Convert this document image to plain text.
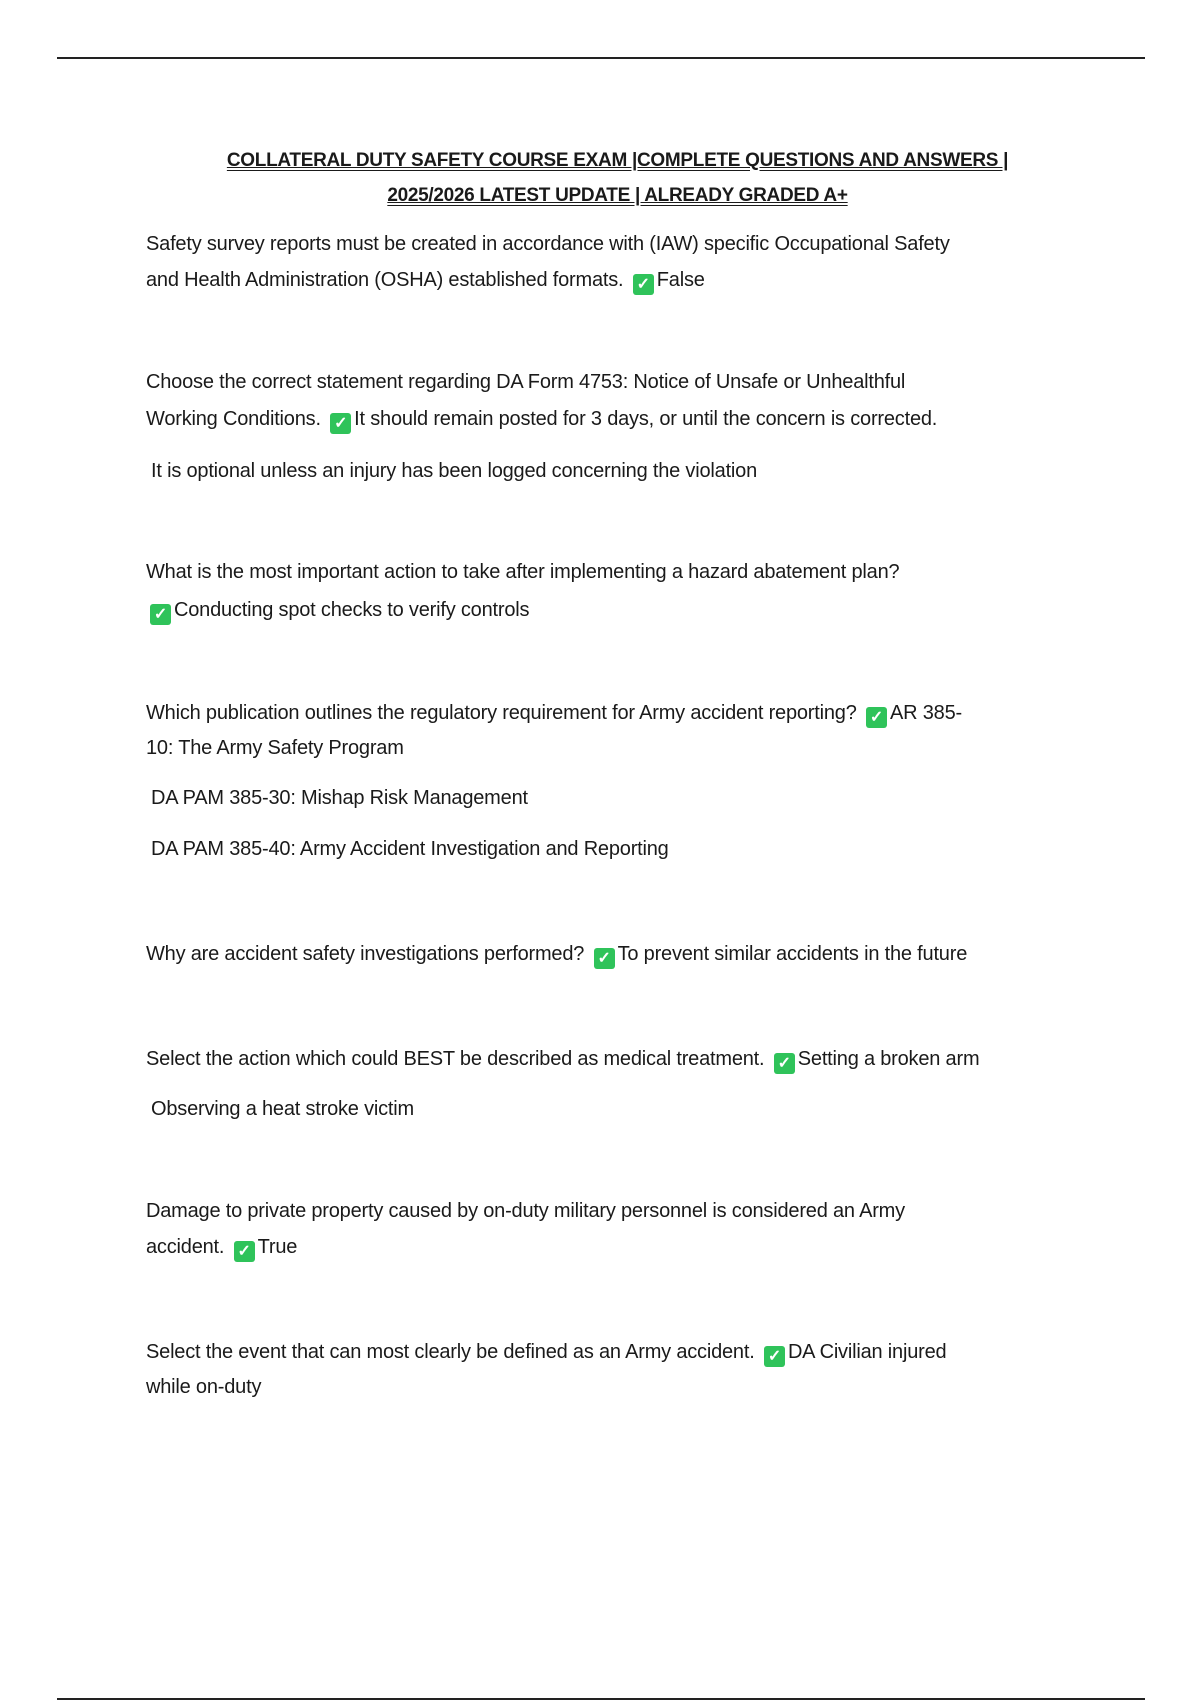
COLLATERAL DUTY SAFETY COURSE EXAM |COMPLETE QUESTIONS AND ANSWERS |
2025/2026 LATEST UPDATE | ALREADY GRADED A+
Safety survey reports must be created in accordance with (IAW) specific Occupational Safety
and Health Administration (OSHA) established formats. ✓ False
Choose the correct statement regarding DA Form 4753: Notice of Unsafe or Unhealthful
Working Conditions. ✓ It should remain posted for 3 days, or until the concern is corrected.
It is optional unless an injury has been logged concerning the violation
What is the most important action to take after implementing a hazard abatement plan?
✓ Conducting spot checks to verify controls
Which publication outlines the regulatory requirement for Army accident reporting? ✓ AR 385-
10: The Army Safety Program
DA PAM 385-30: Mishap Risk Management
DA PAM 385-40: Army Accident Investigation and Reporting
Why are accident safety investigations performed? ✓ To prevent similar accidents in the future
Select the action which could BEST be described as medical treatment. ✓ Setting a broken arm
Observing a heat stroke victim
Damage to private property caused by on-duty military personnel is considered an Army
accident. ✓ True
Select the event that can most clearly be defined as an Army accident. ✓ DA Civilian injured
while on-duty
